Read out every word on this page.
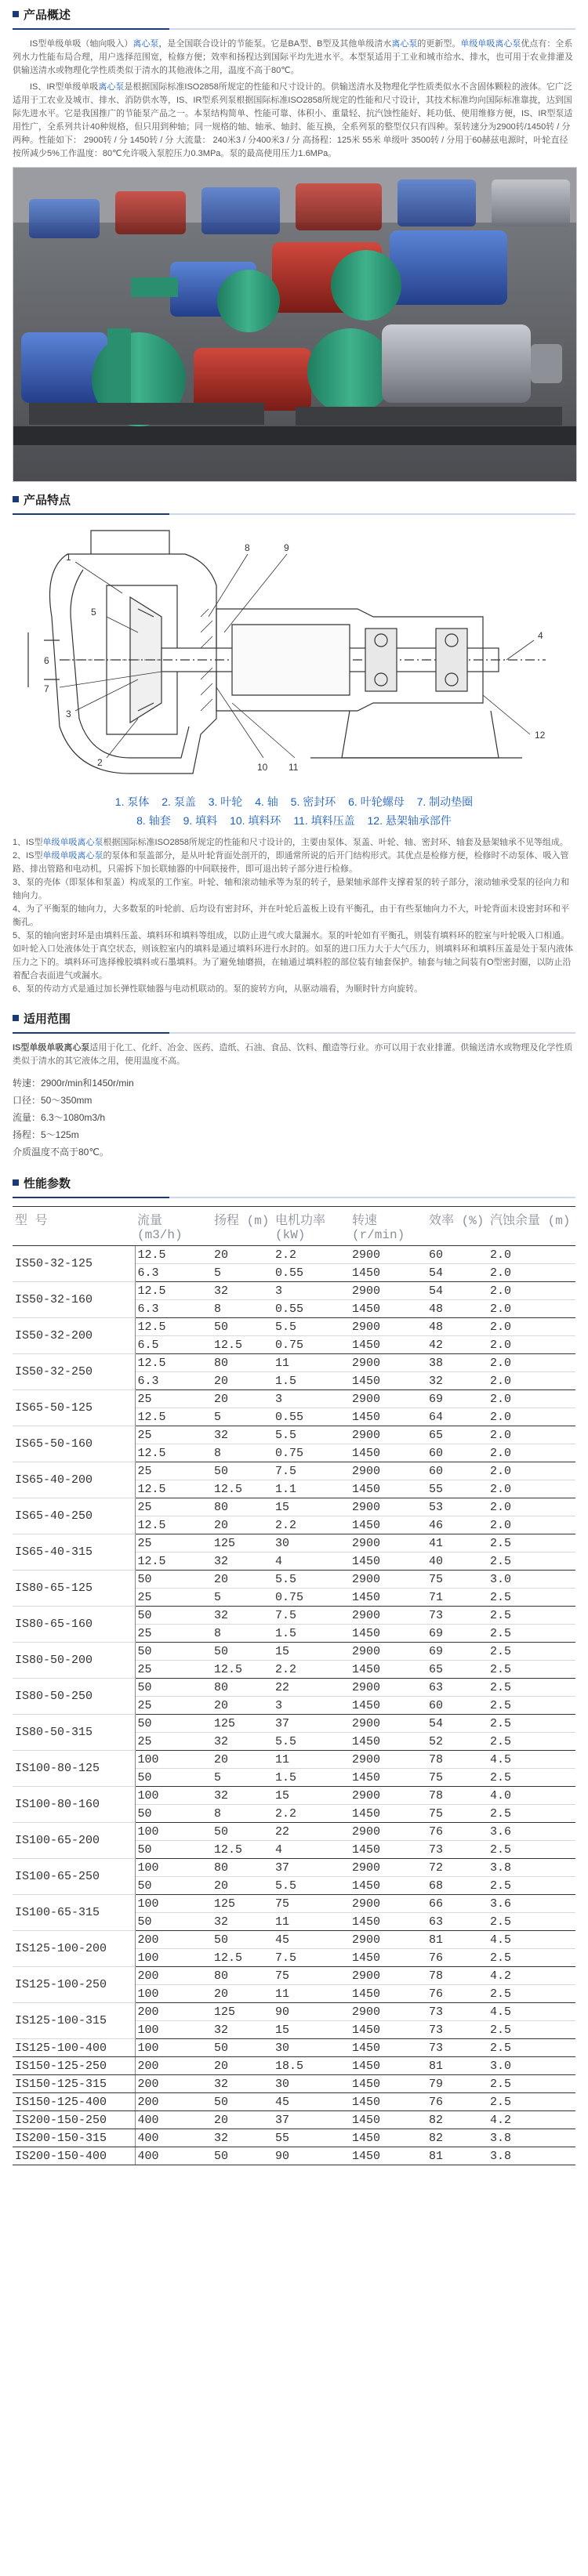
产品概述

IS型单级单吸（轴向吸入）离心泵，是全国联合设计的节能泵。它是BA型、B型及其他单级清水离心泵的更新型。单级单吸离心泵优点有：全系列水力性能布局合理，用户选择范围宽，检修方便；效率和扬程达到国际平均先进水平。本型泵适用于工业和城市给水、排水，也可用于农业排灌及供输送清水或物理化学性质类似于清水的其他液体之用，温度不高于80℃。

IS、IR型单级单吸离心泵是根据国际标准ISO2858所规定的性能和尺寸设计的。供输送清水及物理化学性质类似水不含固体颗粒的液体。它广泛适用于工农业及城市、排水、消防供水等，IS、IR型系列泵根据国际标准ISO2858所规定的性能和尺寸设计，其技术标准均向国际标准靠拢，达到国际先进水平。它是我国推广的节能泵产品之一。本泵结构简单、性能可靠、体积小、重量轻、抗汽蚀性能好、耗功低、使用维修方便，IS、IR型泵适用性广，全系列共计40种规格，但只用到种轴；同一规格的轴、轴承、轴封、能互换，全系列泵的整型仅只有四种。泵转速分为2900转/1450转 / 分两种。性能如下： 2900转 / 分 1450转 / 分 大流量： 240米3 / 分400米3 / 分 高扬程：125米 55米 单级叶 3500转 / 分用于60赫兹电源时，叶轮直径按所减少5%工作温度：80℃允许吸入泵腔压力0.3MPa。泵的最高使用压力1.6MPa。

产品特点
1
2
3
4
5
6
7
8	9
10 11
12
1. 泵体 2. 泵盖 3. 叶轮 4. 轴 5. 密封环 6. 叶轮螺母 7. 制动垫圈
8. 轴套 9. 填料 10. 填料环 11. 填料压盖 12. 悬架轴承部件

1、IS型单级单吸离心泵根据国际标准ISO2858所规定的性能和尺寸设计的，主要由泵体、泵盖、叶轮、轴、密封环、轴套及悬架轴承不见等组成。

2、IS型单级单吸离心泵的泵体和泵盖部分，是从叶轮背面处剖开的，即通常所说的后开门结构形式。其优点是检修方便，检修时不动泵体、吸入管路、排出管路和电动机，只需拆下加长联轴器的中间联接件，即可退出转子部分进行检修。

3、泵的壳体（即泵体和泵盖）构成泵的工作室。叶轮、轴和滚动轴承等为泵的转子，悬架轴承部件支撑着泵的转子部分，滚动轴承受泵的径向力和轴向力。

4、为了平衡泵的轴向力，大多数泵的叶轮前、后均设有密封环，并在叶轮后盖板上设有平衡孔，由于有些泵轴向力不大，叶轮背面未设密封环和平衡孔。

5、泵的轴向密封环是由填料压盖、填料环和填料等组成，以防止进气或大量漏水。泵的叶轮如有平衡孔，则装有填料环的腔室与叶轮吸入口相通。如叶轮入口处液体处于真空状态，则该腔室内的填料是通过填料环进行水封的。如泵的进口压力大于大气压力，则填料环和填料压盖是处于泵内液体压力之下的。填料环可选择橡胶填料或石墨填料。为了避免轴磨损，在轴通过填料腔的部位装有轴套保护。轴套与轴之间装有O型密封圈，以防止沿着配合表面进气或漏水。

6、泵的传动方式是通过加长弹性联轴器与电动机联动的。泵的旋转方向，从驱动端看，为顺时针方向旋转。

适用范围

IS型单级单吸离心泵适用于化工、化纤、冶金、医药、造纸、石油、食品、饮料、酿造等行业。亦可以用于农业排灌。供输送清水或物理及化学性质类似于清水的其它液体之用，使用温度不高。

转速：2900r/min和1450r/min
口径：50～350mm
流量：6.3～1080m3/h
扬程：5～125m
介质温度不高于80℃。
性能参数
型 号	流量 (m3/h)	扬程 (m)	电机功率 (kW)	转速 (r/min)	效率 (%)	汽蚀余量 (m)
IS50-32-125	12.5	20	2.2	2900	60	2.0
	6.3	5	0.55	1450	54	2.0
IS50-32-160	12.5	32	3	2900	54	2.0
	6.3	8	0.55	1450	48	2.0
IS50-32-200	12.5	50	5.5	2900	48	2.0
	6.5	12.5	0.75	1450	42	2.0
IS50-32-250	12.5	80	11	2900	38	2.0
	6.3	20	1.5	1450	32	2.0
IS65-50-125	25	20	3	2900	69	2.0
	12.5	5	0.55	1450	64	2.0
IS65-50-160	25	32	5.5	2900	65	2.0
	12.5	8	0.75	1450	60	2.0
IS65-40-200	25	50	7.5	2900	60	2.0
	12.5	12.5	1.1	1450	55	2.0
IS65-40-250	25	80	15	2900	53	2.0
	12.5	20	2.2	1450	46	2.0
IS65-40-315	25	125	30	2900	41	2.5
	12.5	32	4	1450	40	2.5
IS80-65-125	50	20	5.5	2900	75	3.0
	25	5	0.75	1450	71	2.5
IS80-65-160	50	32	7.5	2900	73	2.5
	25	8	1.5	1450	69	2.5
IS80-50-200	50	50	15	2900	69	2.5
	25	12.5	2.2	1450	65	2.5
IS80-50-250	50	80	22	2900	63	2.5
	25	20	3	1450	60	2.5
IS80-50-315	50	125	37	2900	54	2.5
	25	32	5.5	1450	52	2.5
IS100-80-125	100	20	11	2900	78	4.5
	50	5	1.5	1450	75	2.5
IS100-80-160	100	32	15	2900	78	4.0
	50	8	2.2	1450	75	2.5
IS100-65-200	100	50	22	2900	76	3.6
	50	12.5	4	1450	73	2.5
IS100-65-250	100	80	37	2900	72	3.8
	50	20	5.5	1450	68	2.5
IS100-65-315	100	125	75	2900	66	3.6
	50	32	11	1450	63	2.5
IS125-100-200	200	50	45	2900	81	4.5
	100	12.5	7.5	1450	76	2.5
IS125-100-250	200	80	75	2900	78	4.2
	100	20	11	1450	76	2.5
IS125-100-315	200	125	90	2900	73	4.5
	100	32	15	1450	73	2.5
IS125-100-400	100	50	30	1450	73	2.5
IS150-125-250	200	20	18.5	1450	81	3.0
IS150-125-315	200	32	30	1450	79	2.5
IS150-125-400	200	50	45	1450	76	2.5
IS200-150-250	400	20	37	1450	82	4.2
IS200-150-315	400	32	55	1450	82	3.8
IS200-150-400	400	50	90	1450	81	3.8
